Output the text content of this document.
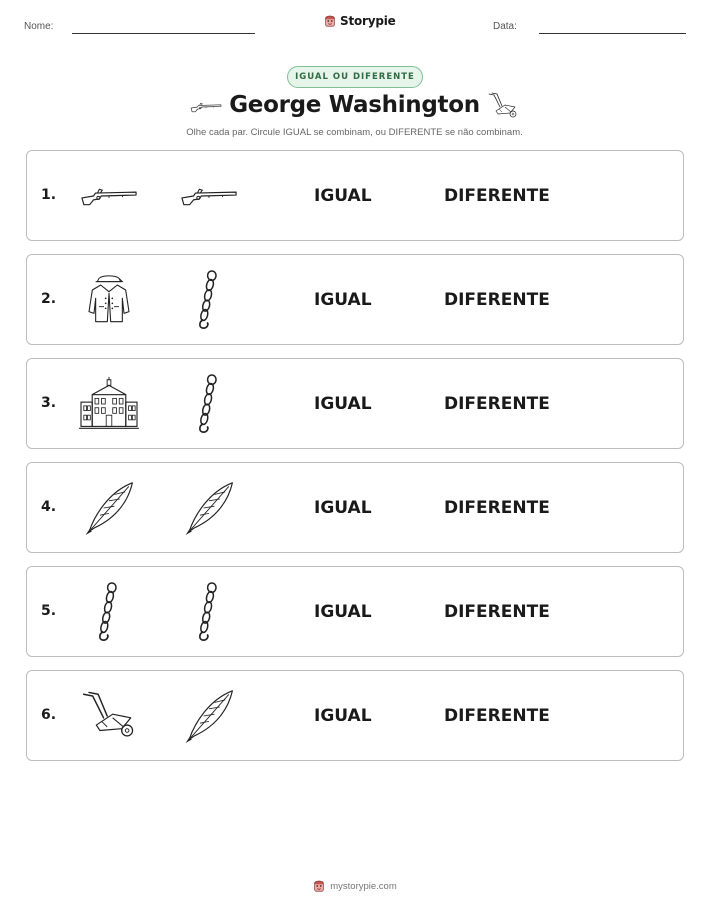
Nome:	Storypie	Data:
IGUAL OU DIFERENTE
George Washington
Olhe cada par. Circule IGUAL se combinam, ou DIFERENTE se não combinam.
1.	IGUAL	DIFERENTE
2.	IGUAL	DIFERENTE
3.	IGUAL	DIFERENTE
4.	IGUAL	DIFERENTE
5.	IGUAL	DIFERENTE
6.	IGUAL	DIFERENTE
mystorypie.com
